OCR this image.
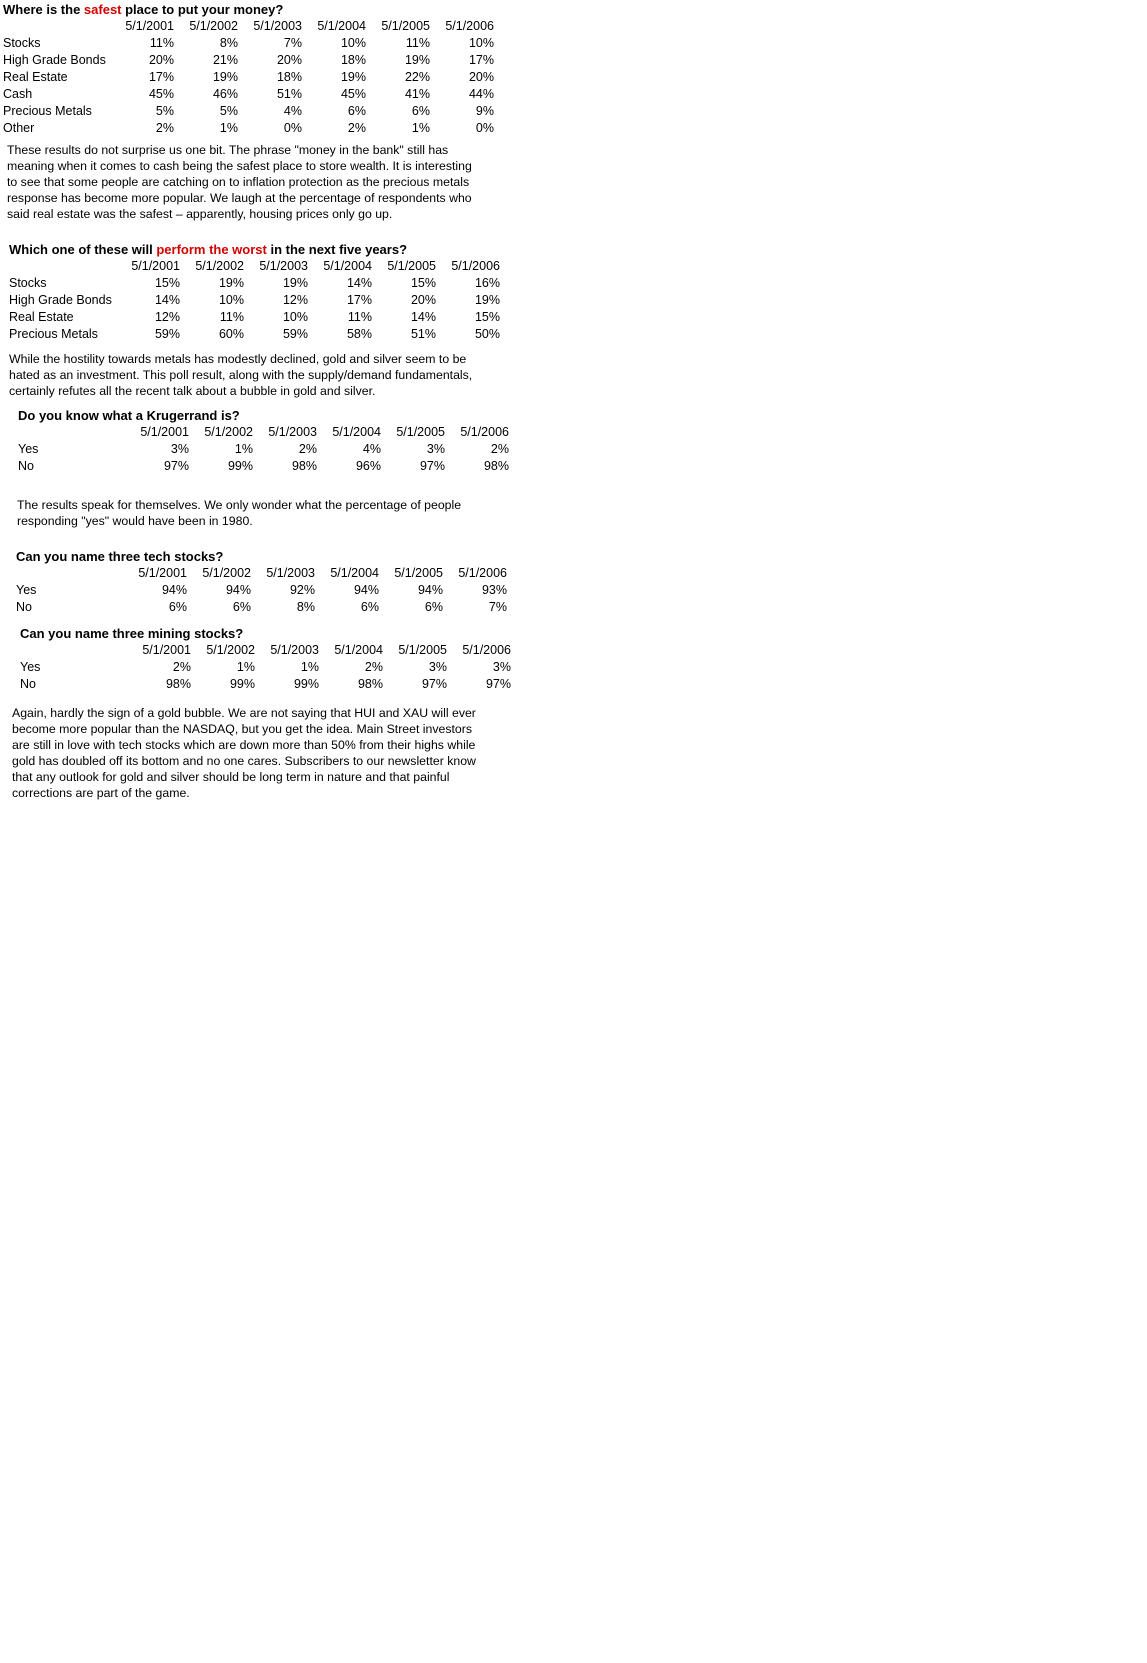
Where is the safest place to put your money?
	5/1/2001	5/1/2002	5/1/2003	5/1/2004	5/1/2005	5/1/2006
Stocks	11%	8%	7%	10%	11%	10%
High Grade Bonds	20%	21%	20%	18%	19%	17%
Real Estate	17%	19%	18%	19%	22%	20%
Cash	45%	46%	51%	45%	41%	44%
Precious Metals	5%	5%	4%	6%	6%	9%
Other	2%	1%	0%	2%	1%	0%
These results do not surprise us one bit. The phrase "money in the bank" still has meaning when it comes to cash being the safest place to store wealth. It is interesting to see that some people are catching on to inflation protection as the precious metals response has become more popular. We laugh at the percentage of respondents who said real estate was the safest – apparently, housing prices only go up.
Which one of these will perform the worst in the next five years?
	5/1/2001	5/1/2002	5/1/2003	5/1/2004	5/1/2005	5/1/2006
Stocks	15%	19%	19%	14%	15%	16%
High Grade Bonds	14%	10%	12%	17%	20%	19%
Real Estate	12%	11%	10%	11%	14%	15%
Precious Metals	59%	60%	59%	58%	51%	50%
While the hostility towards metals has modestly declined, gold and silver seem to be hated as an investment. This poll result, along with the supply/demand fundamentals, certainly refutes all the recent talk about a bubble in gold and silver.
Do you know what a Krugerrand is?
	5/1/2001	5/1/2002	5/1/2003	5/1/2004	5/1/2005	5/1/2006
Yes	3%	1%	2%	4%	3%	2%
No	97%	99%	98%	96%	97%	98%
The results speak for themselves. We only wonder what the percentage of people responding "yes" would have been in 1980.
Can you name three tech stocks?
	5/1/2001	5/1/2002	5/1/2003	5/1/2004	5/1/2005	5/1/2006
Yes	94%	94%	92%	94%	94%	93%
No	6%	6%	8%	6%	6%	7%
Can you name three mining stocks?
	5/1/2001	5/1/2002	5/1/2003	5/1/2004	5/1/2005	5/1/2006
Yes	2%	1%	1%	2%	3%	3%
No	98%	99%	99%	98%	97%	97%
Again, hardly the sign of a gold bubble. We are not saying that HUI and XAU will ever become more popular than the NASDAQ, but you get the idea. Main Street investors are still in love with tech stocks which are down more than 50% from their highs while gold has doubled off its bottom and no one cares. Subscribers to our newsletter know that any outlook for gold and silver should be long term in nature and that painful corrections are part of the game.
